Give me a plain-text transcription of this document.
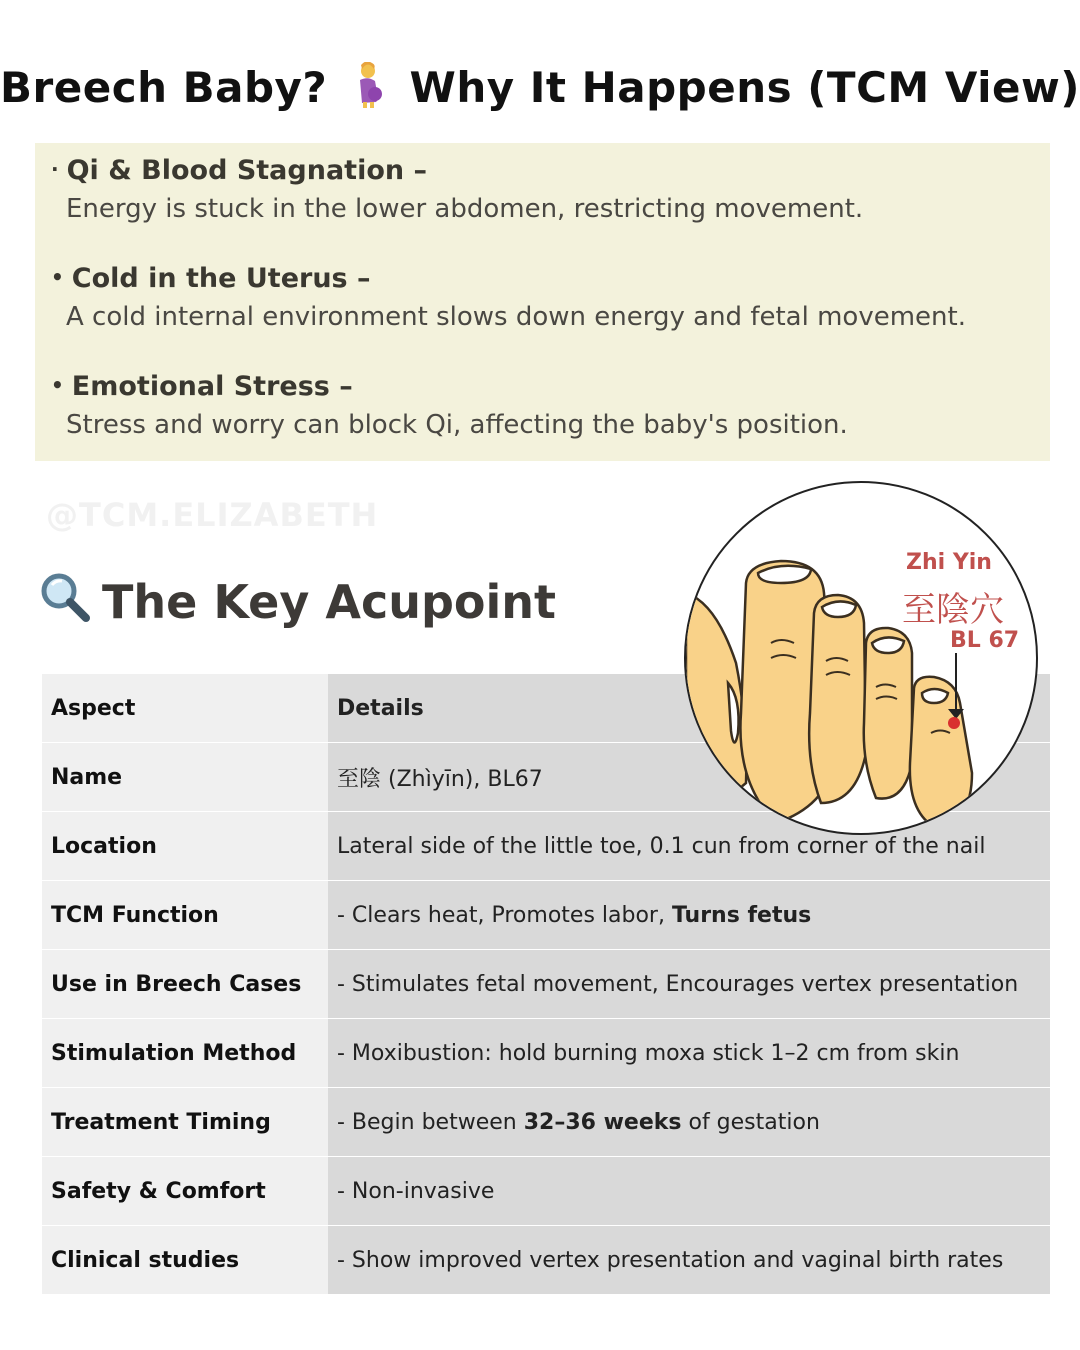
Breech Baby? Why It Happens (TCM View)
· Qi & Blood Stagnation –
Energy is stuck in the lower abdomen, restricting movement.
• Cold in the Uterus –
A cold internal environment slows down energy and fetal movement.
• Emotional Stress –
Stress and worry can block Qi, affecting the baby's position.
@TCM.ELIZABETH
The Key Acupoint
Aspect	Details
Name	至陰 (Zhìyīn), BL67
Location	Lateral side of the little toe, 0.1 cun from corner of the nail
TCM Function	- Clears heat, Promotes labor, Turns fetus
Use in Breech Cases	- Stimulates fetal movement, Encourages vertex presentation
Stimulation Method	- Moxibustion: hold burning moxa stick 1–2 cm from skin
Treatment Timing	- Begin between 32–36 weeks of gestation
Safety & Comfort	- Non-invasive
Clinical studies	- Show improved vertex presentation and vaginal birth rates
Zhi Yin
至陰穴
BL 67
